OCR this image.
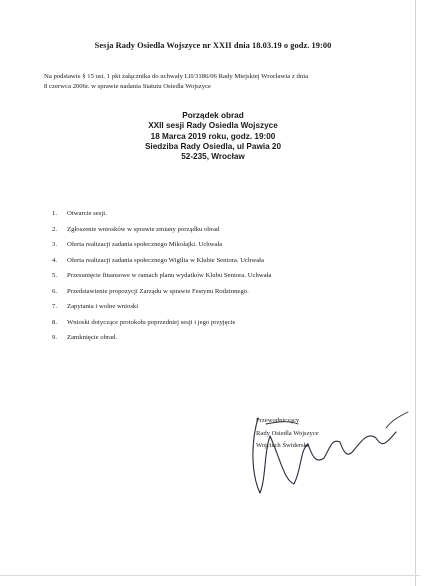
Sesja Rady Osiedla Wojszyce nr XXII dnia 18.03.19 o godz. 19:00
Na podstawie § 15 ust. 1 pkt załącznika do uchwały LII/3186/06 Rady Miejskiej Wrocławia z dnia
8 czerwca 2006r. w sprawie nadania Statutu Osiedla Wojszyce
Porządek obrad
XXII sesji Rady Osiedla Wojszyce
18 Marca 2019 roku, godz. 19:00
Siedziba Rady Osiedla, ul Pawia 20
52-235, Wrocław
1. Otwarcie sesji.
2. Zgłoszenie wniosków w sprawie zmiany porządku obrad
3. Oferta realizacji zadania społecznego Mikołajki. Uchwała
4. Oferta realizacji zadania społecznego Wigilia w Klubie Seniora. Uchwała
5. Przesunięcie finansowe w ramach planu wydatków Klubu Seniora. Uchwała
6. Przedstawienie propozycji Zarządu w sprawie Festynu Rodzinnego.
7. Zapytania i wolne wnioski
8. Wnioski dotyczące protokołu poprzedniej sesji i jego przyjęcie
9. Zamknięcie obrad.
Przewodniczący
Rady Osiedla Wojszyce
Wojciech Świderski
